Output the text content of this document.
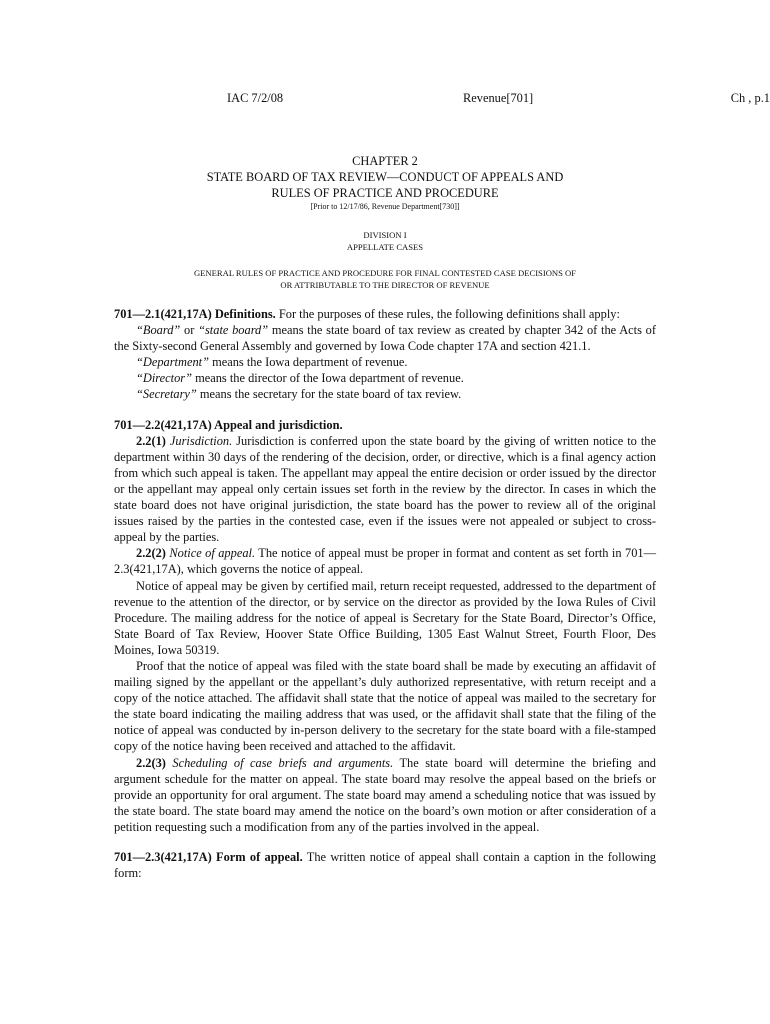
IAC 7/2/08	Revenue[701]	Ch , p.1
CHAPTER 2
STATE BOARD OF TAX REVIEW—CONDUCT OF APPEALS AND
RULES OF PRACTICE AND PROCEDURE
[Prior to 12/17/86, Revenue Department[730]]
DIVISION I
APPELLATE CASES
GENERAL RULES OF PRACTICE AND PROCEDURE FOR FINAL CONTESTED CASE DECISIONS OF
OR ATTRIBUTABLE TO THE DIRECTOR OF REVENUE

701—2.1(421,17A) Definitions. For the purposes of these rules, the following definitions shall apply:

“Board” or “state board” means the state board of tax review as created by chapter 342 of the Acts of the Sixty-second General Assembly and governed by Iowa Code chapter 17A and section 421.1.

“Department” means the Iowa department of revenue.

“Director” means the director of the Iowa department of revenue.

“Secretary” means the secretary for the state board of tax review.

701—2.2(421,17A) Appeal and jurisdiction.

2.2(1) Jurisdiction. Jurisdiction is conferred upon the state board by the giving of written notice to the department within 30 days of the rendering of the decision, order, or directive, which is a final agency action from which such appeal is taken. The appellant may appeal the entire decision or order issued by the director or the appellant may appeal only certain issues set forth in the review by the director. In cases in which the state board does not have original jurisdiction, the state board has the power to review all of the original issues raised by the parties in the contested case, even if the issues were not appealed or subject to cross-appeal by the parties.

2.2(2) Notice of appeal. The notice of appeal must be proper in format and content as set forth in 701—2.3(421,17A), which governs the notice of appeal.

Notice of appeal may be given by certified mail, return receipt requested, addressed to the department of revenue to the attention of the director, or by service on the director as provided by the Iowa Rules of Civil Procedure. The mailing address for the notice of appeal is Secretary for the State Board, Director’s Office, State Board of Tax Review, Hoover State Office Building, 1305 East Walnut Street, Fourth Floor, Des Moines, Iowa 50319.

Proof that the notice of appeal was filed with the state board shall be made by executing an affidavit of mailing signed by the appellant or the appellant’s duly authorized representative, with return receipt and a copy of the notice attached. The affidavit shall state that the notice of appeal was mailed to the secretary for the state board indicating the mailing address that was used, or the affidavit shall state that the filing of the notice of appeal was conducted by in-person delivery to the secretary for the state board with a file-stamped copy of the notice having been received and attached to the affidavit.

2.2(3) Scheduling of case briefs and arguments. The state board will determine the briefing and argument schedule for the matter on appeal. The state board may resolve the appeal based on the briefs or provide an opportunity for oral argument. The state board may amend a scheduling notice that was issued by the state board. The state board may amend the notice on the board’s own motion or after consideration of a petition requesting such a modification from any of the parties involved in the appeal.

701—2.3(421,17A) Form of appeal. The written notice of appeal shall contain a caption in the following form:
